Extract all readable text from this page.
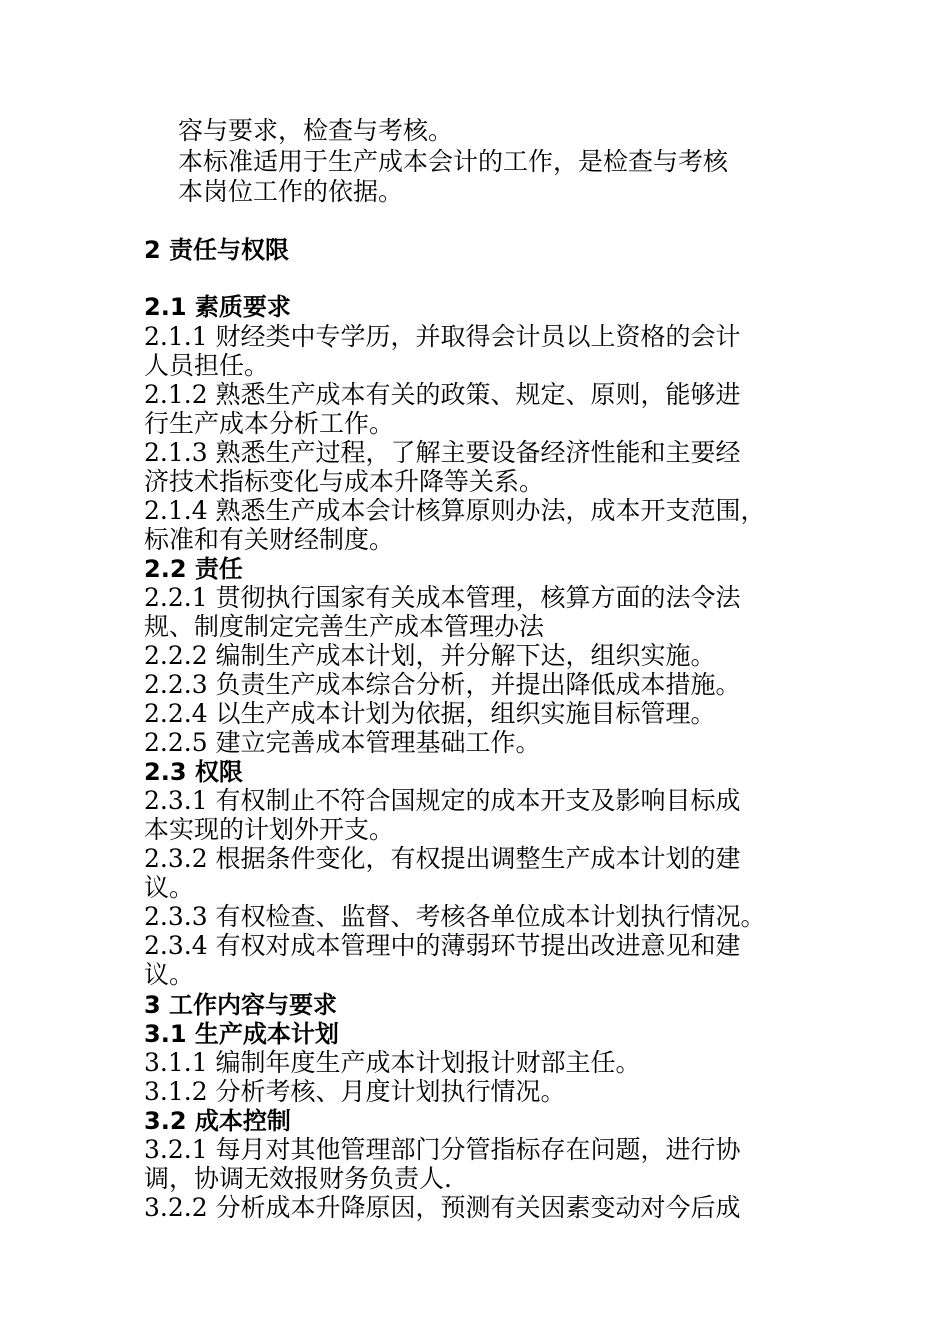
容与要求，检查与考核。
本标准适用于生产成本会计的工作，是检查与考核
本岗位工作的依据。
2 责任与权限
2.1 素质要求
2.1.1 财经类中专学历，并取得会计员以上资格的会计
人员担任。
2.1.2 熟悉生产成本有关的政策、规定、原则，能够进
行生产成本分析工作。
2.1.3 熟悉生产过程，了解主要设备经济性能和主要经
济技术指标变化与成本升降等关系。
2.1.4 熟悉生产成本会计核算原则办法，成本开支范围，
标准和有关财经制度。
2.2 责任
2.2.1 贯彻执行国家有关成本管理，核算方面的法令法
规、制度制定完善生产成本管理办法
2.2.2 编制生产成本计划，并分解下达，组织实施。
2.2.3 负责生产成本综合分析，并提出降低成本措施。
2.2.4 以生产成本计划为依据，组织实施目标管理。
2.2.5 建立完善成本管理基础工作。
2.3 权限
2.3.1 有权制止不符合国规定的成本开支及影响目标成
本实现的计划外开支。
2.3.2 根据条件变化，有权提出调整生产成本计划的建
议。
2.3.3 有权检查、监督、考核各单位成本计划执行情况。
2.3.4 有权对成本管理中的薄弱环节提出改进意见和建
议。
3 工作内容与要求
3.1 生产成本计划
3.1.1 编制年度生产成本计划报计财部主任。
3.1.2 分析考核、月度计划执行情况。
3.2 成本控制
3.2.1 每月对其他管理部门分管指标存在问题，进行协
调，协调无效报财务负责人.
3.2.2 分析成本升降原因，预测有关因素变动对今后成
